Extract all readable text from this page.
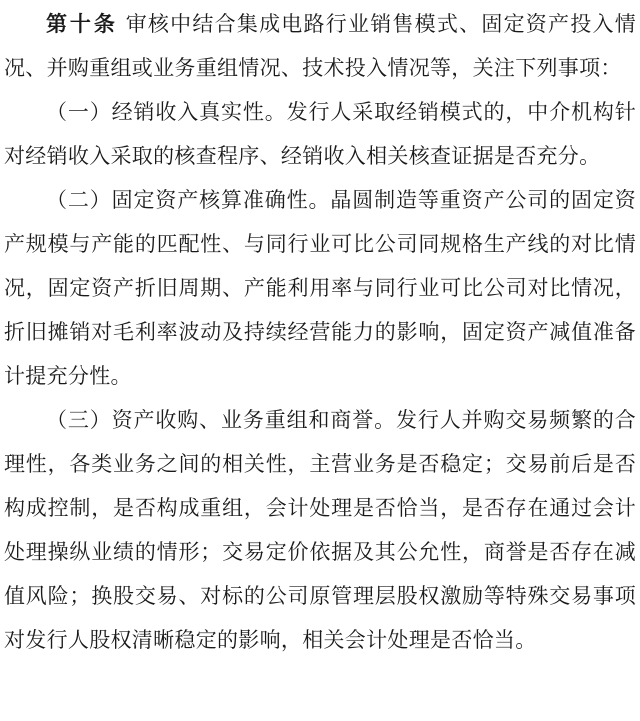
第十条 审核中结合集成电路行业销售模式、固定资产投入情况、并购重组或业务重组情况、技术投入情况等，关注下列事项：

（一）经销收入真实性。发行人采取经销模式的，中介机构针对经销收入采取的核查程序、经销收入相关核查证据是否充分。

（二）固定资产核算准确性。晶圆制造等重资产公司的固定资产规模与产能的匹配性、与同行业可比公司同规格生产线的对比情况，固定资产折旧周期、产能利用率与同行业可比公司对比情况，折旧摊销对毛利率波动及持续经营能力的影响，固定资产减值准备计提充分性。

（三）资产收购、业务重组和商誉。发行人并购交易频繁的合理性，各类业务之间的相关性，主营业务是否稳定；交易前后是否构成控制，是否构成重组，会计处理是否恰当，是否存在通过会计处理操纵业绩的情形；交易定价依据及其公允性，商誉是否存在减值风险；换股交易、对标的公司原管理层股权激励等特殊交易事项对发行人股权清晰稳定的影响，相关会计处理是否恰当。
